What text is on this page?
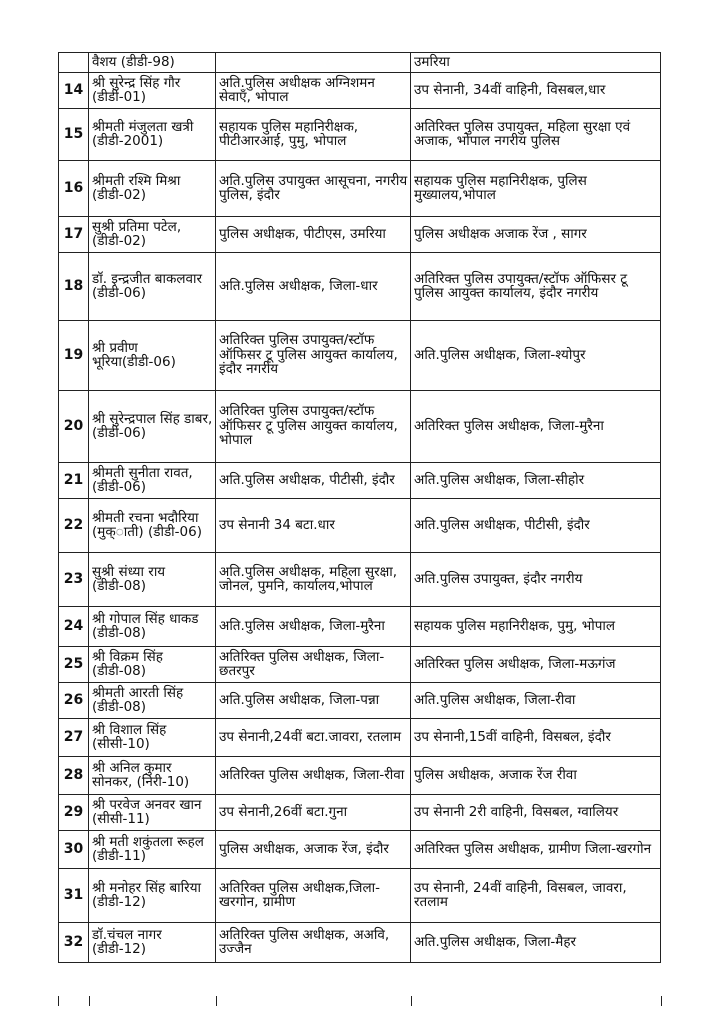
	वैशय (डीडी-98)		उमरिया
14	श्री सुरेन्द्र सिंह गौर (डीडी-01)	अति.पुलिस अधीक्षक अग्निशमन सेवाएँ, भोपाल	उप सेनानी, 34वीं वाहिनी, विसबल,धार
15	श्रीमती मंजुलता खत्री (डीडी-2001)	सहायक पुलिस महानिरीक्षक, पीटीआरआई, पुमु, भोपाल	अतिरिक्त पुलिस उपायुक्त, महिला सुरक्षा एवं अजाक, भोपाल नगरीय पुलिस
16	श्रीमती रश्मि मिश्रा (डीडी-02)	अति.पुलिस उपायुक्त आसूचना, नगरीय पुलिस, इंदौर	सहायक पुलिस महानिरीक्षक, पुलिस मुख्यालय,भोपाल
17	सुश्री प्रतिमा पटेल, (डीडी-02)	पुलिस अधीक्षक, पीटीएस, उमरिया	पुलिस अधीक्षक अजाक रेंज , सागर
18	डॉ. इन्द्रजीत बाकलवार (डीडी-06)	अति.पुलिस अधीक्षक, जिला-धार	अतिरिक्त पुलिस उपायुक्त/स्टॉफ ऑफिसर टू पुलिस आयुक्त कार्यालय, इंदौर नगरीय
19	श्री प्रवीण भूरिया(डीडी-06)	अतिरिक्त पुलिस उपायुक्त/स्टॉफ ऑफिसर टू पुलिस आयुक्त कार्यालय, इंदौर नगरीय	अति.पुलिस अधीक्षक, जिला-श्योपुर
20	श्री सुरेन्द्रपाल सिंह डाबर, (डीडी-06)	अतिरिक्त पुलिस उपायुक्त/स्टॉफ ऑफिसर टू पुलिस आयुक्त कार्यालय, भोपाल	अतिरिक्त पुलिस अधीक्षक, जिला-मुरैना
21	श्रीमती सुनीता रावत, (डीडी-06)	अति.पुलिस अधीक्षक, पीटीसी, इंदौर	अति.पुलिस अधीक्षक, जिला-सीहोर
22	श्रीमती रचना भदौरिया (मुक्ाती) (डीडी-06)	उप सेनानी 34 बटा.धार	अति.पुलिस अधीक्षक, पीटीसी, इंदौर
23	सुश्री संध्या राय (डीडी-08)	अति.पुलिस अधीक्षक, महिला सुरक्षा, जोनल, पुमनि, कार्यालय,भोपाल	अति.पुलिस उपायुक्त, इंदौर नगरीय
24	श्री गोपाल सिंह धाकड (डीडी-08)	अति.पुलिस अधीक्षक, जिला-मुरैना	सहायक पुलिस महानिरीक्षक, पुमु, भोपाल
25	श्री विक्रम सिंह (डीडी-08)	अतिरिक्त पुलिस अधीक्षक, जिला-छतरपुर	अतिरिक्त पुलिस अधीक्षक, जिला-मऊगंज
26	श्रीमती आरती सिंह (डीडी-08)	अति.पुलिस अधीक्षक, जिला-पन्ना	अति.पुलिस अधीक्षक, जिला-रीवा
27	श्री विशाल सिंह (सीसी-10)	उप सेनानी,24वीं बटा.जावरा, रतलाम	उप सेनानी,15वीं वाहिनी, विसबल, इंदौर
28	श्री अनिल कुमार सोनकर, (निरी-10)	अतिरिक्त पुलिस अधीक्षक, जिला-रीवा	पुलिस अधीक्षक, अजाक रेंज रीवा
29	श्री परवेज अनवर खान (सीसी-11)	उप सेनानी,26वीं बटा.गुना	उप सेनानी 2री वाहिनी, विसबल, ग्वालियर
30	श्री मती शकुंतला रूहल (डीडी-11)	पुलिस अधीक्षक, अजाक रेंज, इंदौर	अतिरिक्त पुलिस अधीक्षक, ग्रामीण जिला-खरगोन
31	श्री मनोहर सिंह बारिया (डीडी-12)	अतिरिक्त पुलिस अधीक्षक,जिला-खरगोन, ग्रामीण	उप सेनानी, 24वीं वाहिनी, विसबल, जावरा, रतलाम
32	डॉ.चंचल नागर (डीडी-12)	अतिरिक्त पुलिस अधीक्षक, अअवि, उज्जैन	अति.पुलिस अधीक्षक, जिला-मैहर
